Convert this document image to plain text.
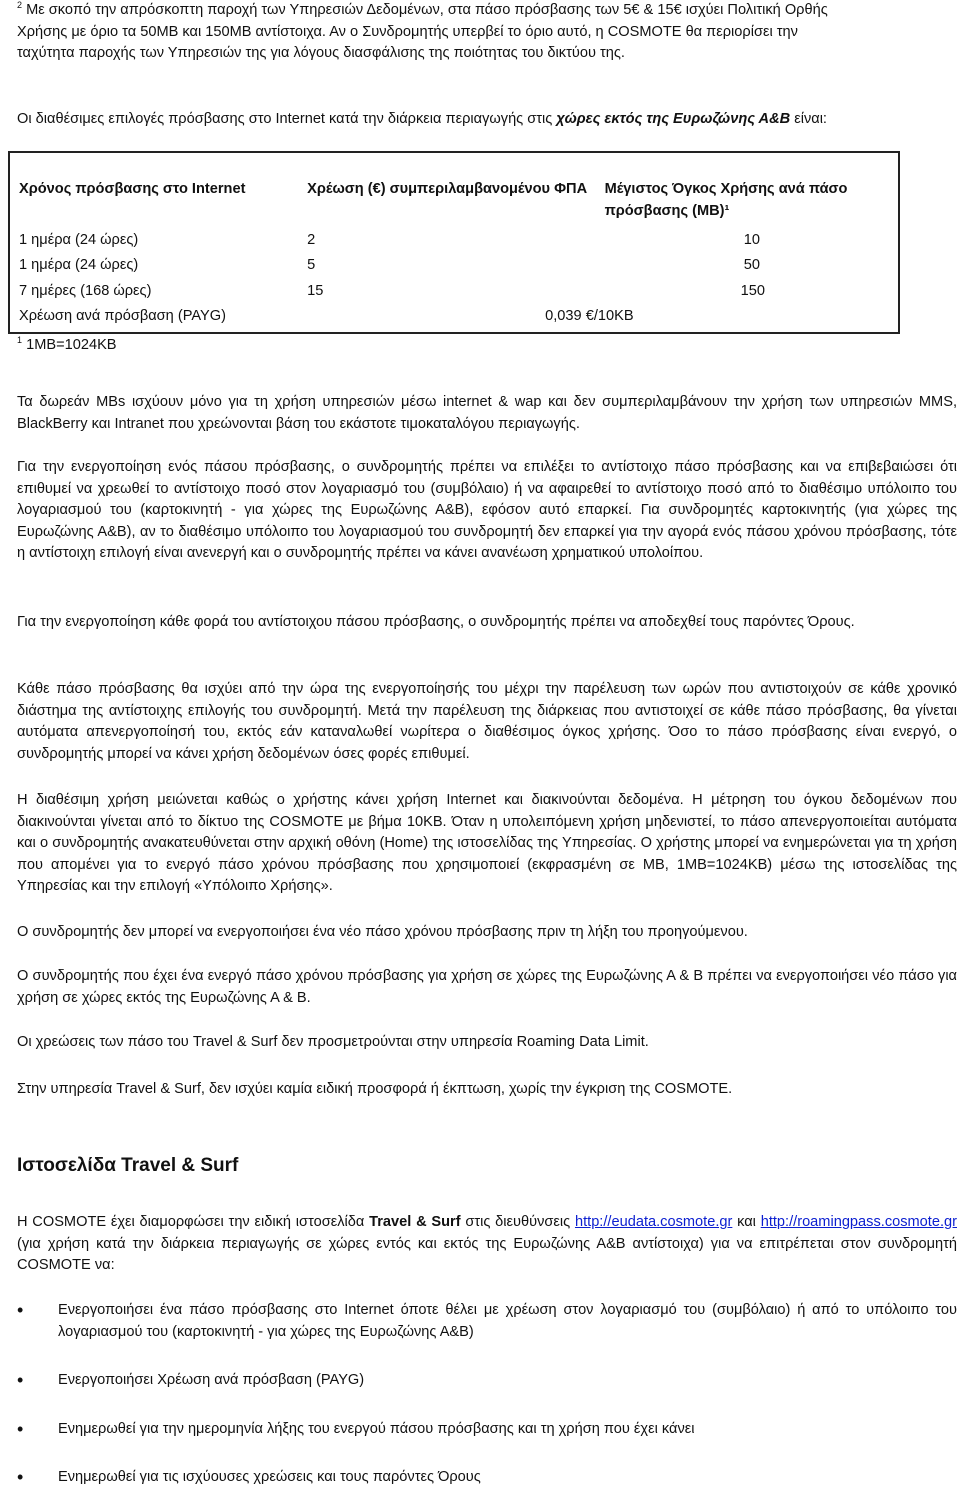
$^2$ Με σκοπό την απρόσκοπτη παροχή των Υπηρεσιών Δεδομένων, στα πάσο πρόσβασης των 5€ & 15€ ισχύει Πολιτική Ορθής

Χρήσης με όριο τα 50MB και 150MB αντίστοιχα. Αν ο Συνδρομητής υπερβεί το όριο αυτό, η COSMOTE θα περιορίσει την

ταχύτητα παροχής των Υπηρεσιών της για λόγους διασφάλισης της ποιότητας του δικτύου της.

Οι διαθέσιμες επιλογές πρόσβασης στο Internet κατά την διάρκεια περιαγωγής στις χώρες εκτός της Ευρωζώνης Α&Β είναι:

Χρόνος πρόσβασης στο Internet	Χρέωση (€) συμπεριλαμβανομένου ΦΠΑ	Μέγιστος Όγκος Χρήσης ανά πάσο πρόσβασης (MB)¹
1 ημέρα (24 ώρες)	2	10
1 ημέρα (24 ώρες)	5	50
7 ημέρες (168 ώρες)	15	150
Χρέωση ανά πρόσβαση (PAYG)	0,039 €/10KB	

$^1$ 1MB=1024KB

Τα δωρεάν MBs ισχύουν μόνο για τη χρήση υπηρεσιών μέσω internet & wap και δεν συμπεριλαμβάνουν την χρήση των υπηρεσιών MMS, BlackBerry και Intranet που χρεώνονται βάση του εκάστοτε τιμοκαταλόγου περιαγωγής.

Για την ενεργοποίηση ενός πάσου πρόσβασης, ο συνδρομητής πρέπει να επιλέξει το αντίστοιχο πάσο πρόσβασης και να επιβεβαιώσει ότι επιθυμεί να χρεωθεί το αντίστοιχο ποσό στον λογαριασμό του (συμβόλαιο) ή να αφαιρεθεί το αντίστοιχο ποσό από το διαθέσιμο υπόλοιπο του λογαριασμού του (καρτοκινητή - για χώρες της Ευρωζώνης Α&Β), εφόσον αυτό επαρκεί. Για συνδρομητές καρτοκινητής (για χώρες της Ευρωζώνης Α&Β), αν το διαθέσιμο υπόλοιπο του λογαριασμού του συνδρομητή δεν επαρκεί για την αγορά ενός πάσου χρόνου πρόσβασης, τότε η αντίστοιχη επιλογή είναι ανενεργή και ο συνδρομητής πρέπει να κάνει ανανέωση χρηματικού υπολοίπου.

Για την ενεργοποίηση κάθε φορά του αντίστοιχου πάσου πρόσβασης, ο συνδρομητής πρέπει να αποδεχθεί τους παρόντες Όρους.

Κάθε πάσο πρόσβασης θα ισχύει από την ώρα της ενεργοποίησής του μέχρι την παρέλευση των ωρών που αντιστοιχούν σε κάθε χρονικό διάστημα της αντίστοιχης επιλογής του συνδρομητή. Μετά την παρέλευση της διάρκειας που αντιστοιχεί σε κάθε πάσο πρόσβασης, θα γίνεται αυτόματα απενεργοποίησή του, εκτός εάν καταναλωθεί νωρίτερα ο διαθέσιμος όγκος χρήσης. Όσο το πάσο πρόσβασης είναι ενεργό, ο συνδρομητής μπορεί να κάνει χρήση δεδομένων όσες φορές επιθυμεί.

Η διαθέσιμη χρήση μειώνεται καθώς ο χρήστης κάνει χρήση Internet και διακινούνται δεδομένα. Η μέτρηση του όγκου δεδομένων που διακινούνται γίνεται από το δίκτυο της COSMOTE με βήμα 10KB. Όταν η υπολειπόμενη χρήση μηδενιστεί, το πάσο απενεργοποιείται αυτόματα και ο συνδρομητής ανακατευθύνεται στην αρχική οθόνη (Home) της ιστοσελίδας της Υπηρεσίας. Ο χρήστης μπορεί να ενημερώνεται για τη χρήση που απομένει για το ενεργό πάσο χρόνου πρόσβασης που χρησιμοποιεί (εκφρασμένη σε MB, 1MB=1024KB) μέσω της ιστοσελίδας της Υπηρεσίας και την επιλογή «Υπόλοιπο Χρήσης».

Ο συνδρομητής δεν μπορεί να ενεργοποιήσει ένα νέο πάσο χρόνου πρόσβασης πριν τη λήξη του προηγούμενου.

Ο συνδρομητής που έχει ένα ενεργό πάσο χρόνου πρόσβασης για χρήση σε χώρες της Ευρωζώνης Α & Β πρέπει να ενεργοποιήσει νέο πάσο για χρήση σε χώρες εκτός της Ευρωζώνης Α & Β.

Οι χρεώσεις των πάσο του Travel & Surf δεν προσμετρούνται στην υπηρεσία Roaming Data Limit.

Στην υπηρεσία Travel & Surf, δεν ισχύει καμία ειδική προσφορά ή έκπτωση, χωρίς την έγκριση της COSMOTE.

Ιστοσελίδα Travel & Surf

Η COSMOTE έχει διαμορφώσει την ειδική ιστοσελίδα Travel & Surf στις διευθύνσεις http://eudata.cosmote.gr και http://roamingpass.cosmote.gr (για χρήση κατά την διάρκεια περιαγωγής σε χώρες εντός και εκτός της Ευρωζώνης Α&Β αντίστοιχα) για να επιτρέπεται στον συνδρομητή COSMOTE να:

• Ενεργοποιήσει ένα πάσο πρόσβασης στο Internet όποτε θέλει με χρέωση στον λογαριασμό του (συμβόλαιο) ή από το υπόλοιπο του λογαριασμού του (καρτοκινητή - για χώρες της Ευρωζώνης Α&Β)
• Ενεργοποιήσει Χρέωση ανά πρόσβαση (PAYG)
• Ενημερωθεί για την ημερομηνία λήξης του ενεργού πάσου πρόσβασης και τη χρήση που έχει κάνει
• Ενημερωθεί για τις ισχύουσες χρεώσεις και τους παρόντες Όρους
